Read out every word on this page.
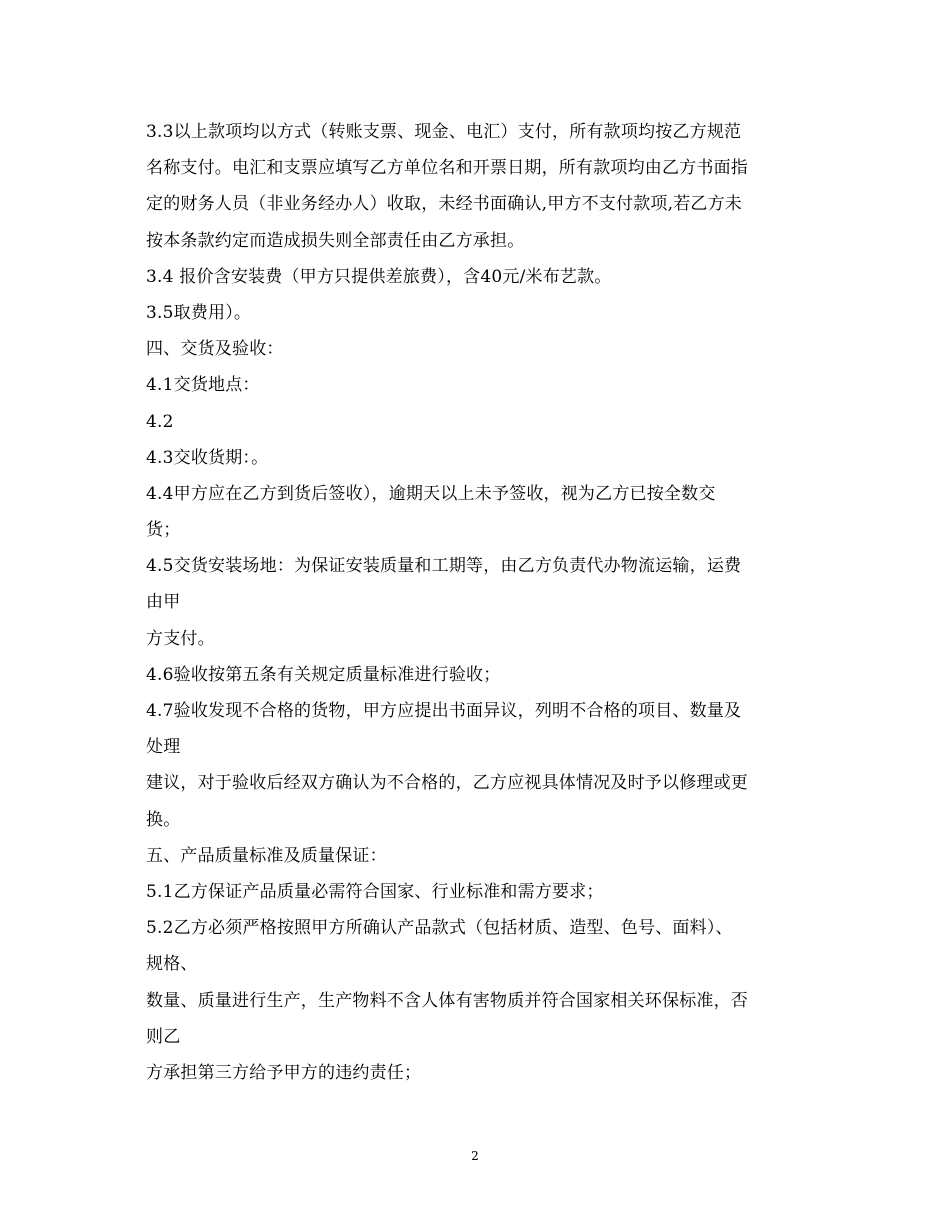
3.3以上款项均以方式（转账支票、现金、电汇）支付，所有款项均按乙方规范
名称支付。电汇和支票应填写乙方单位名和开票日期，所有款项均由乙方书面指
定的财务人员（非业务经办人）收取，未经书面确认,甲方不支付款项,若乙方未
按本条款约定而造成损失则全部责任由乙方承担。
3.4 报价含安装费（甲方只提供差旅费），含40元/米布艺款。
3.5取费用）。
四、交货及验收：
4.1交货地点：
4.2
4.3交收货期：。
4.4甲方应在乙方到货后签收），逾期天以上未予签收，视为乙方已按全数交
货；
4.5交货安装场地：为保证安装质量和工期等，由乙方负责代办物流运输，运费
由甲
方支付。
4.6验收按第五条有关规定质量标准进行验收；
4.7验收发现不合格的货物，甲方应提出书面异议，列明不合格的项目、数量及
处理
建议，对于验收后经双方确认为不合格的，乙方应视具体情况及时予以修理或更
换。
五、产品质量标准及质量保证：
5.1乙方保证产品质量必需符合国家、行业标准和需方要求；
5.2乙方必须严格按照甲方所确认产品款式（包括材质、造型、色号、面料）、
规格、
数量、质量进行生产，生产物料不含人体有害物质并符合国家相关环保标准，否
则乙
方承担第三方给予甲方的违约责任；
2
